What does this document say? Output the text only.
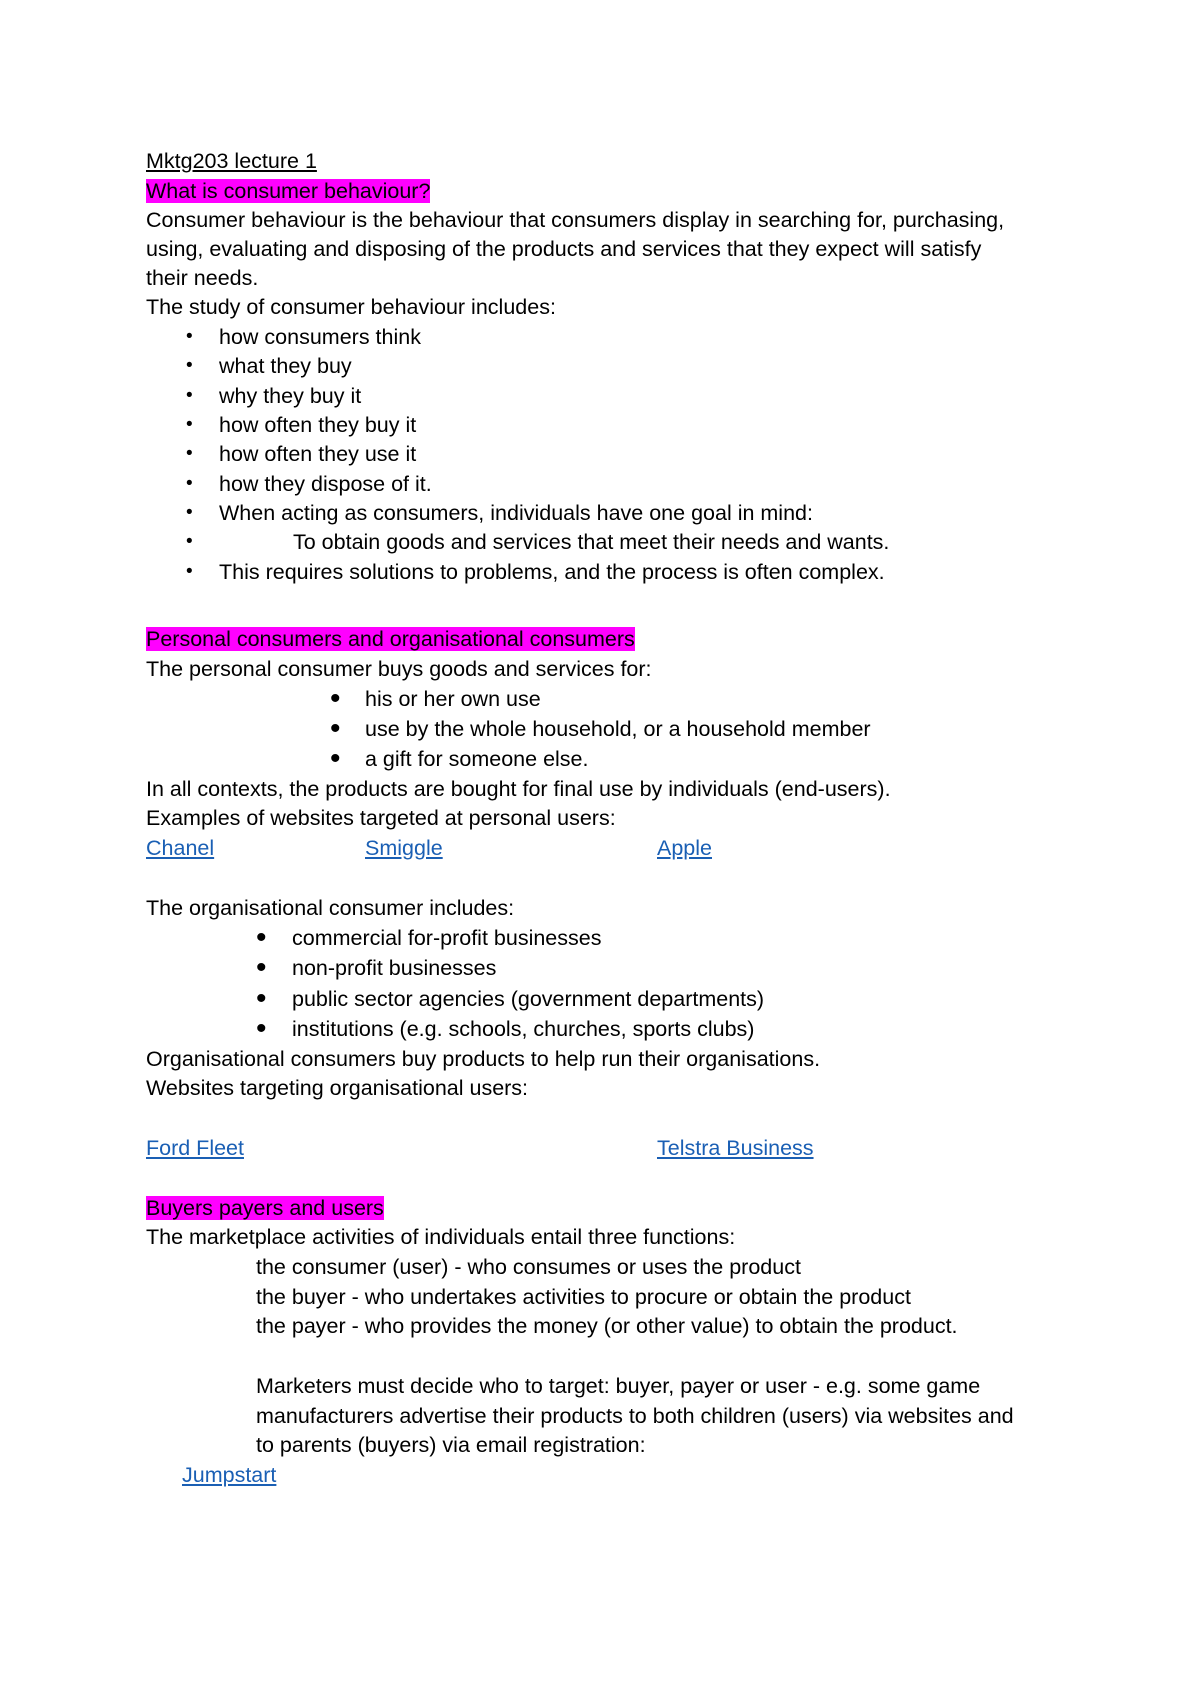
Mktg203 lecture 1
What is consumer behaviour?
Consumer behaviour is the behaviour that consumers display in searching for, purchasing,
using, evaluating and disposing of the products and services that they expect will satisfy
their needs.
The study of consumer behaviour includes:
• how consumers think
• what they buy
• why they buy it
• how often they buy it
• how often they use it
• how they dispose of it.
• When acting as consumers, individuals have one goal in mind:
•	To obtain goods and services that meet their needs and wants.
• This requires solutions to problems, and the process is often complex.
Personal consumers and organisational consumers
The personal consumer buys goods and services for:
• his or her own use
• use by the whole household, or a household member
• a gift for someone else.
In all contexts, the products are bought for final use by individuals (end-users).
Examples of websites targeted at personal users:
Chanel	Smiggle	Apple
The organisational consumer includes:
• commercial for-profit businesses
• non-profit businesses
• public sector agencies (government departments)
• institutions (e.g. schools, churches, sports clubs)
Organisational consumers buy products to help run their organisations.
Websites targeting organisational users:
Ford Fleet	Telstra Business
Buyers payers and users
The marketplace activities of individuals entail three functions:
the consumer (user) - who consumes or uses the product
the buyer - who undertakes activities to procure or obtain the product
the payer - who provides the money (or other value) to obtain the product.
Marketers must decide who to target: buyer, payer or user - e.g. some game
manufacturers advertise their products to both children (users) via websites and
to parents (buyers) via email registration:
Jumpstart
